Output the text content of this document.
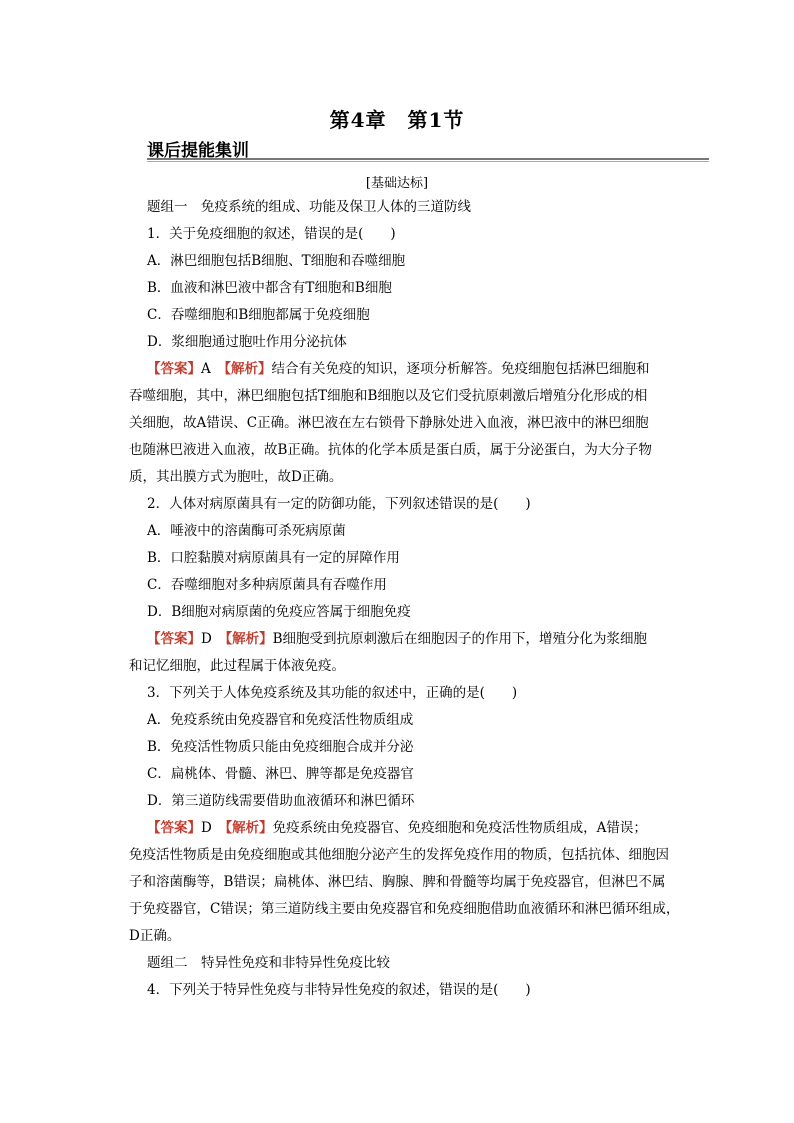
第4章　第1节
课后提能集训
[基础达标]
题组一　免疫系统的组成、功能及保卫人体的三道防线
1．关于免疫细胞的叙述，错误的是(　　)
A．淋巴细胞包括B细胞、T细胞和吞噬细胞
B．血液和淋巴液中都含有T细胞和B细胞
C．吞噬细胞和B细胞都属于免疫细胞
D．浆细胞通过胞吐作用分泌抗体
【答案】A　【解析】结合有关免疫的知识，逐项分析解答。免疫细胞包括淋巴细胞和
吞噬细胞，其中，淋巴细胞包括T细胞和B细胞以及它们受抗原刺激后增殖分化形成的相
关细胞，故A错误、C正确。淋巴液在左右锁骨下静脉处进入血液，淋巴液中的淋巴细胞
也随淋巴液进入血液，故B正确。抗体的化学本质是蛋白质，属于分泌蛋白，为大分子物
质，其出膜方式为胞吐，故D正确。
2．人体对病原菌具有一定的防御功能，下列叙述错误的是(　　)
A．唾液中的溶菌酶可杀死病原菌
B．口腔黏膜对病原菌具有一定的屏障作用
C．吞噬细胞对多种病原菌具有吞噬作用
D．B细胞对病原菌的免疫应答属于细胞免疫
【答案】D　【解析】B细胞受到抗原刺激后在细胞因子的作用下，增殖分化为浆细胞
和记忆细胞，此过程属于体液免疫。
3．下列关于人体免疫系统及其功能的叙述中，正确的是(　　)
A．免疫系统由免疫器官和免疫活性物质组成
B．免疫活性物质只能由免疫细胞合成并分泌
C．扁桃体、骨髓、淋巴、脾等都是免疫器官
D．第三道防线需要借助血液循环和淋巴循环
【答案】D　【解析】免疫系统由免疫器官、免疫细胞和免疫活性物质组成，A错误；
免疫活性物质是由免疫细胞或其他细胞分泌产生的发挥免疫作用的物质，包括抗体、细胞因
子和溶菌酶等，B错误；扁桃体、淋巴结、胸腺、脾和骨髓等均属于免疫器官，但淋巴不属
于免疫器官，C错误；第三道防线主要由免疫器官和免疫细胞借助血液循环和淋巴循环组成，
D正确。
题组二　特异性免疫和非特异性免疫比较
4．下列关于特异性免疫与非特异性免疫的叙述，错误的是(　　)
